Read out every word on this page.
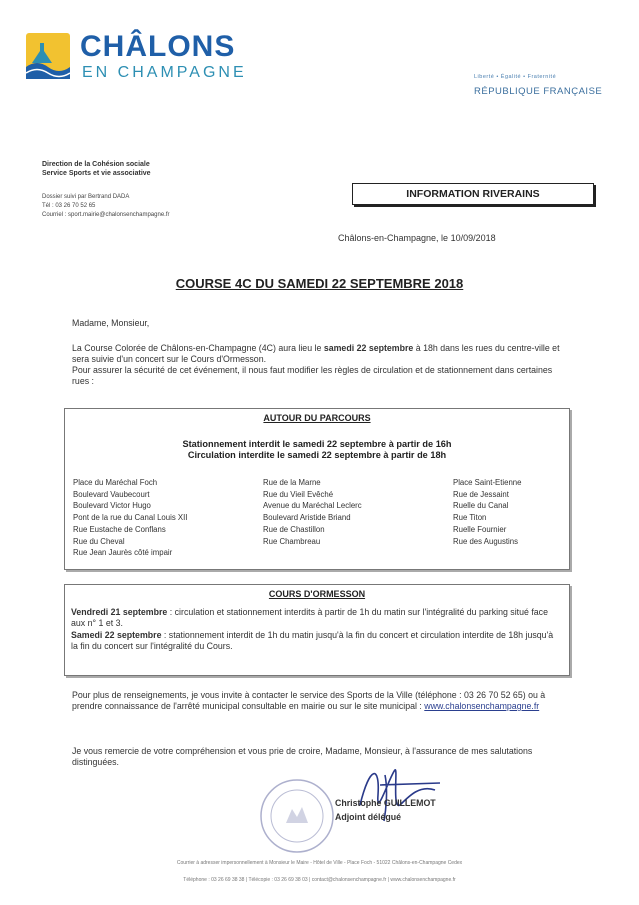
CHÂLONS
EN CHAMPAGNE	Liberté • Égalité • Fraternité
RÉPUBLIQUE FRANÇAISE
Direction de la Cohésion sociale
Service Sports et vie associative
Dossier suivi par Bertrand DADA
Tél : 03 26 70 52 65
Courriel : sport.mairie@chalonsenchampagne.fr
INFORMATION RIVERAINS
Châlons-en-Champagne, le 10/09/2018
COURSE 4C DU SAMEDI 22 SEPTEMBRE 2018
Madame, Monsieur,
La Course Colorée de Châlons-en-Champagne (4C) aura lieu le samedi 22 septembre à 18h dans les rues du centre-ville et sera suivie d'un concert sur le Cours d'Ormesson.
Pour assurer la sécurité de cet événement, il nous faut modifier les règles de circulation et de stationnement dans certaines rues :
AUTOUR DU PARCOURS
Stationnement interdit le samedi 22 septembre à partir de 16h
Circulation interdite le samedi 22 septembre à partir de 18h
Place du Maréchal Foch
Boulevard Vaubecourt
Boulevard Victor Hugo
Pont de la rue du Canal Louis XII
Rue Eustache de Conflans
Rue du Cheval
Rue Jean Jaurès côté impair
Rue de la Marne
Rue du Vieil Evêché
Avenue du Maréchal Leclerc
Boulevard Aristide Briand
Rue de Chastillon
Rue Chambreau
Place Saint-Etienne
Rue de Jessaint
Ruelle du Canal
Rue Titon
Ruelle Fournier
Rue des Augustins
COURS D'ORMESSON
Vendredi 21 septembre : circulation et stationnement interdits à partir de 1h du matin sur l'intégralité du parking situé face aux n° 1 et 3.
Samedi 22 septembre : stationnement interdit de 1h du matin jusqu'à la fin du concert et circulation interdite de 18h jusqu'à la fin du concert sur l'intégralité du Cours.
Pour plus de renseignements, je vous invite à contacter le service des Sports de la Ville (téléphone : 03 26 70 52 65) ou à prendre connaissance de l'arrêté municipal consultable en mairie ou sur le site municipal : www.chalonsenchampagne.fr
Je vous remercie de votre compréhension et vous prie de croire, Madame, Monsieur, à l'assurance de mes salutations distinguées.
Christophe GUILLEMOT
Adjoint délégué
Courrier à adresser impersonnellement à Monsieur le Maire - Hôtel de Ville - Place Foch - 51022 Châlons-en-Champagne Cedex
Téléphone : 03 26 69 38 38 | Télécopie : 03 26 69 38 03 | contact@chalonsenchampagne.fr | www.chalonsenchampagne.fr
